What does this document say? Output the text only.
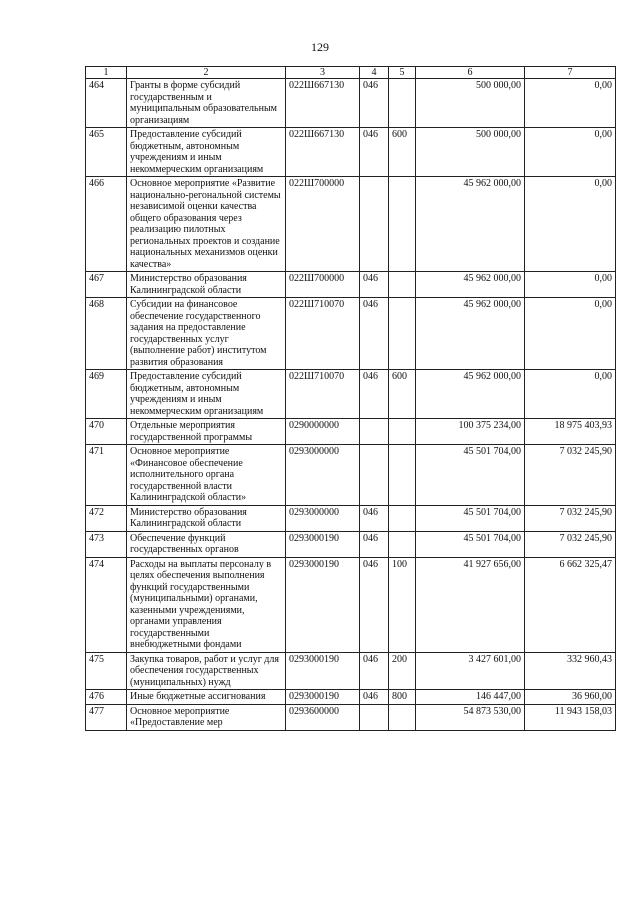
129
1	2	3	4	5	6	7
464	Гранты в форме субсидий государственным и муниципальным образовательным организациям	022Ш667130	046		500 000,00	0,00
465	Предоставление субсидий бюджетным, автономным учреждениям и иным некоммерческим организациям	022Ш667130	046	600	500 000,00	0,00
466	Основное мероприятие «Развитие национально-регональной системы независимой оценки качества общего образования через реализацию пилотных региональных проектов и создание национальных механизмов оценки качества»	022Ш700000			45 962 000,00	0,00
467	Министерство образования Калининградской области	022Ш700000	046		45 962 000,00	0,00
468	Субсидии на финансовое обеспечение государственного задания на предоставление государственных услуг (выполнение работ) институтом развития образования	022Ш710070	046		45 962 000,00	0,00
469	Предоставление субсидий бюджетным, автономным учреждениям и иным некоммерческим организациям	022Ш710070	046	600	45 962 000,00	0,00
470	Отдельные мероприятия государственной программы	0290000000			100 375 234,00	18 975 403,93
471	Основное мероприятие «Финансовое обеспечение исполнительного органа государственной власти Калининградской области»	0293000000			45 501 704,00	7 032 245,90
472	Министерство образования Калининградской области	0293000000	046		45 501 704,00	7 032 245,90
473	Обеспечение функций государственных органов	0293000190	046		45 501 704,00	7 032 245,90
474	Расходы на выплаты персоналу в целях обеспечения выполнения функций государственными (муниципальными) органами, казенными учреждениями, органами управления государственными внебюджетными фондами	0293000190	046	100	41 927 656,00	6 662 325,47
475	Закупка товаров, работ и услуг для обеспечения государственных (муниципальных) нужд	0293000190	046	200	3 427 601,00	332 960,43
476	Иные бюджетные ассигнования	0293000190	046	800	146 447,00	36 960,00
477	Основное мероприятие «Предоставление мер	0293600000			54 873 530,00	11 943 158,03
